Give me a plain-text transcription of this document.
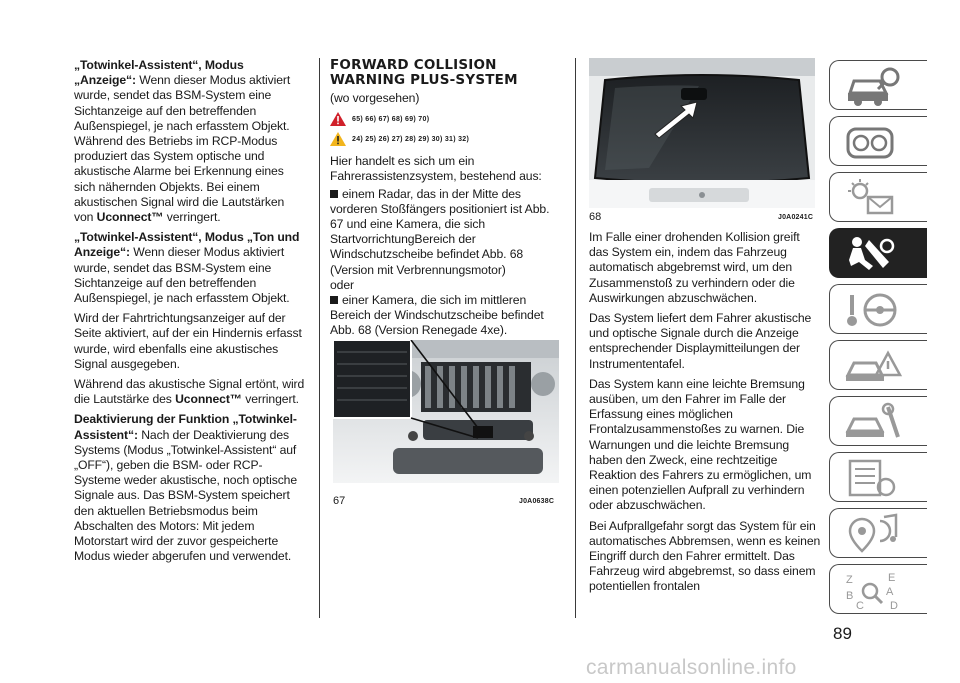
„Totwinkel-Assistent“, Modus „Anzeige“: Wenn dieser Modus aktiviert wurde, sendet das BSM-System eine Sichtanzeige auf den betreffenden Außenspiegel, je nach erfasstem Objekt. Während des Betriebs im RCP-Modus produziert das System optische und akustische Alarme bei Erkennung eines sich nähernden Objekts. Bei einem akustischen Signal wird die Lautstärken von Uconnect™ verringert.

„Totwinkel-Assistent“, Modus „Ton und Anzeige“: Wenn dieser Modus aktiviert wurde, sendet das BSM-System eine Sichtanzeige auf den betreffenden Außenspiegel, je nach erfasstem Objekt.

Wird der Fahrtrichtungsanzeiger auf der Seite aktiviert, auf der ein Hindernis erfasst wurde, wird ebenfalls eine akustisches Signal ausgegeben.

Während das akustische Signal ertönt, wird die Lautstärke des Uconnect™ verringert.

Deaktivierung der Funktion „Totwinkel-Assistent“: Nach der Deaktivierung des Systems (Modus „Totwinkel-Assistent“ auf „OFF“), geben die BSM- oder RCP-Systeme weder akustische, noch optische Signale aus. Das BSM-System speichert den aktuellen Betriebsmodus beim Abschalten des Motors: Mit jedem Motorstart wird der zuvor gespeicherte Modus wieder abgerufen und verwendet.

FORWARD COLLISION
WARNING PLUS-SYSTEM

(wo vorgesehen)

65) 66) 67) 68) 69) 70)
24) 25) 26) 27) 28) 29) 30) 31) 32)

Hier handelt es sich um ein Fahrerassistenzsystem, bestehend aus:

einem Radar, das in der Mitte des vorderen Stoßfängers positioniert ist Abb. 67 und eine Kamera, die sich StartvorrichtungBereich der Windschutzscheibe befindet Abb. 68 (Version mit Verbrennungsmotor)

oder

einer Kamera, die sich im mittleren Bereich der Windschutzscheibe befindet Abb. 68 (Version Renegade 4xe).

67	J0A0638C
68	J0A0241C

Im Falle einer drohenden Kollision greift das System ein, indem das Fahrzeug automatisch abgebremst wird, um den Zusammenstoß zu verhindern oder die Auswirkungen abzuschwächen.

Das System liefert dem Fahrer akustische und optische Signale durch die Anzeige entsprechender Displaymitteilungen der Instrumententafel.

Das System kann eine leichte Bremsung ausüben, um den Fahrer im Falle der Erfassung eines möglichen Frontalzusammenstoßes zu warnen. Die Warnungen und die leichte Bremsung haben den Zweck, eine rechtzeitige Reaktion des Fahrers zu ermöglichen, um einen potenziellen Aufprall zu verhindern oder abzuschwächen.

Bei Aufprallgefahr sorgt das System für ein automatisches Abbremsen, wenn es keinen Eingriff durch den Fahrer ermittelt. Das Fahrzeug wird abgebremst, so dass einem potentiellen frontalen	Z	E
A
B
C D
89
carmanualsonline.info
